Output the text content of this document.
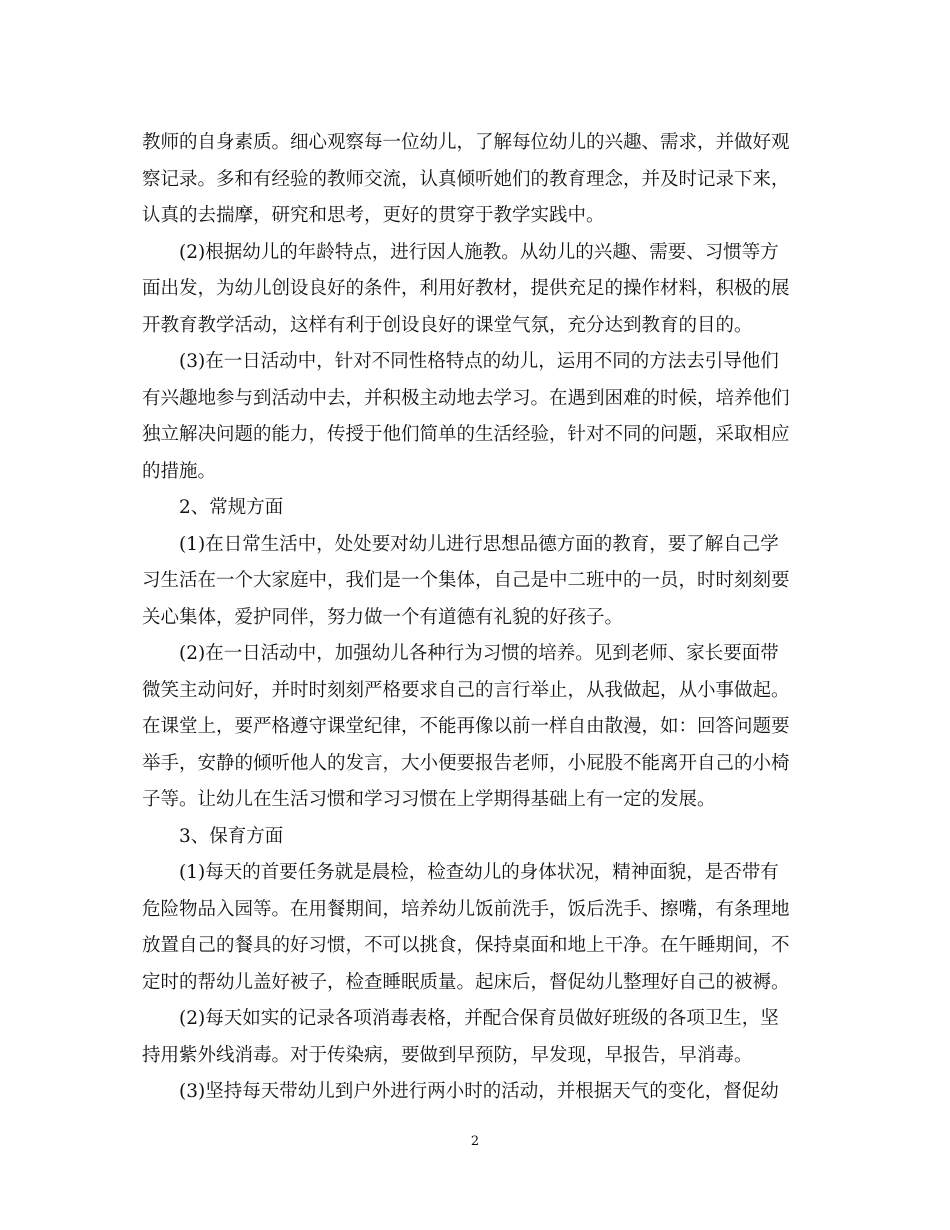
教师的自身素质。细心观察每一位幼儿，了解每位幼儿的兴趣、需求，并做好观
察记录。多和有经验的教师交流，认真倾听她们的教育理念，并及时记录下来，
认真的去揣摩，研究和思考，更好的贯穿于教学实践中。
(2)根据幼儿的年龄特点，进行因人施教。从幼儿的兴趣、需要、习惯等方
面出发，为幼儿创设良好的条件，利用好教材，提供充足的操作材料，积极的展
开教育教学活动，这样有利于创设良好的课堂气氛，充分达到教育的目的。
(3)在一日活动中，针对不同性格特点的幼儿，运用不同的方法去引导他们
有兴趣地参与到活动中去，并积极主动地去学习。在遇到困难的时候，培养他们
独立解决问题的能力，传授于他们简单的生活经验，针对不同的问题，采取相应
的措施。
2、常规方面
(1)在日常生活中，处处要对幼儿进行思想品德方面的教育，要了解自己学
习生活在一个大家庭中，我们是一个集体，自己是中二班中的一员，时时刻刻要
关心集体，爱护同伴，努力做一个有道德有礼貌的好孩子。
(2)在一日活动中，加强幼儿各种行为习惯的培养。见到老师、家长要面带
微笑主动问好，并时时刻刻严格要求自己的言行举止，从我做起，从小事做起。
在课堂上，要严格遵守课堂纪律，不能再像以前一样自由散漫，如：回答问题要
举手，安静的倾听他人的发言，大小便要报告老师，小屁股不能离开自己的小椅
子等。让幼儿在生活习惯和学习习惯在上学期得基础上有一定的发展。
3、保育方面
(1)每天的首要任务就是晨检，检查幼儿的身体状况，精神面貌，是否带有
危险物品入园等。在用餐期间，培养幼儿饭前洗手，饭后洗手、擦嘴，有条理地
放置自己的餐具的好习惯，不可以挑食，保持桌面和地上干净。在午睡期间，不
定时的帮幼儿盖好被子，检查睡眠质量。起床后，督促幼儿整理好自己的被褥。
(2)每天如实的记录各项消毒表格，并配合保育员做好班级的各项卫生，坚
持用紫外线消毒。对于传染病，要做到早预防，早发现，早报告，早消毒。
(3)坚持每天带幼儿到户外进行两小时的活动，并根据天气的变化，督促幼
2
